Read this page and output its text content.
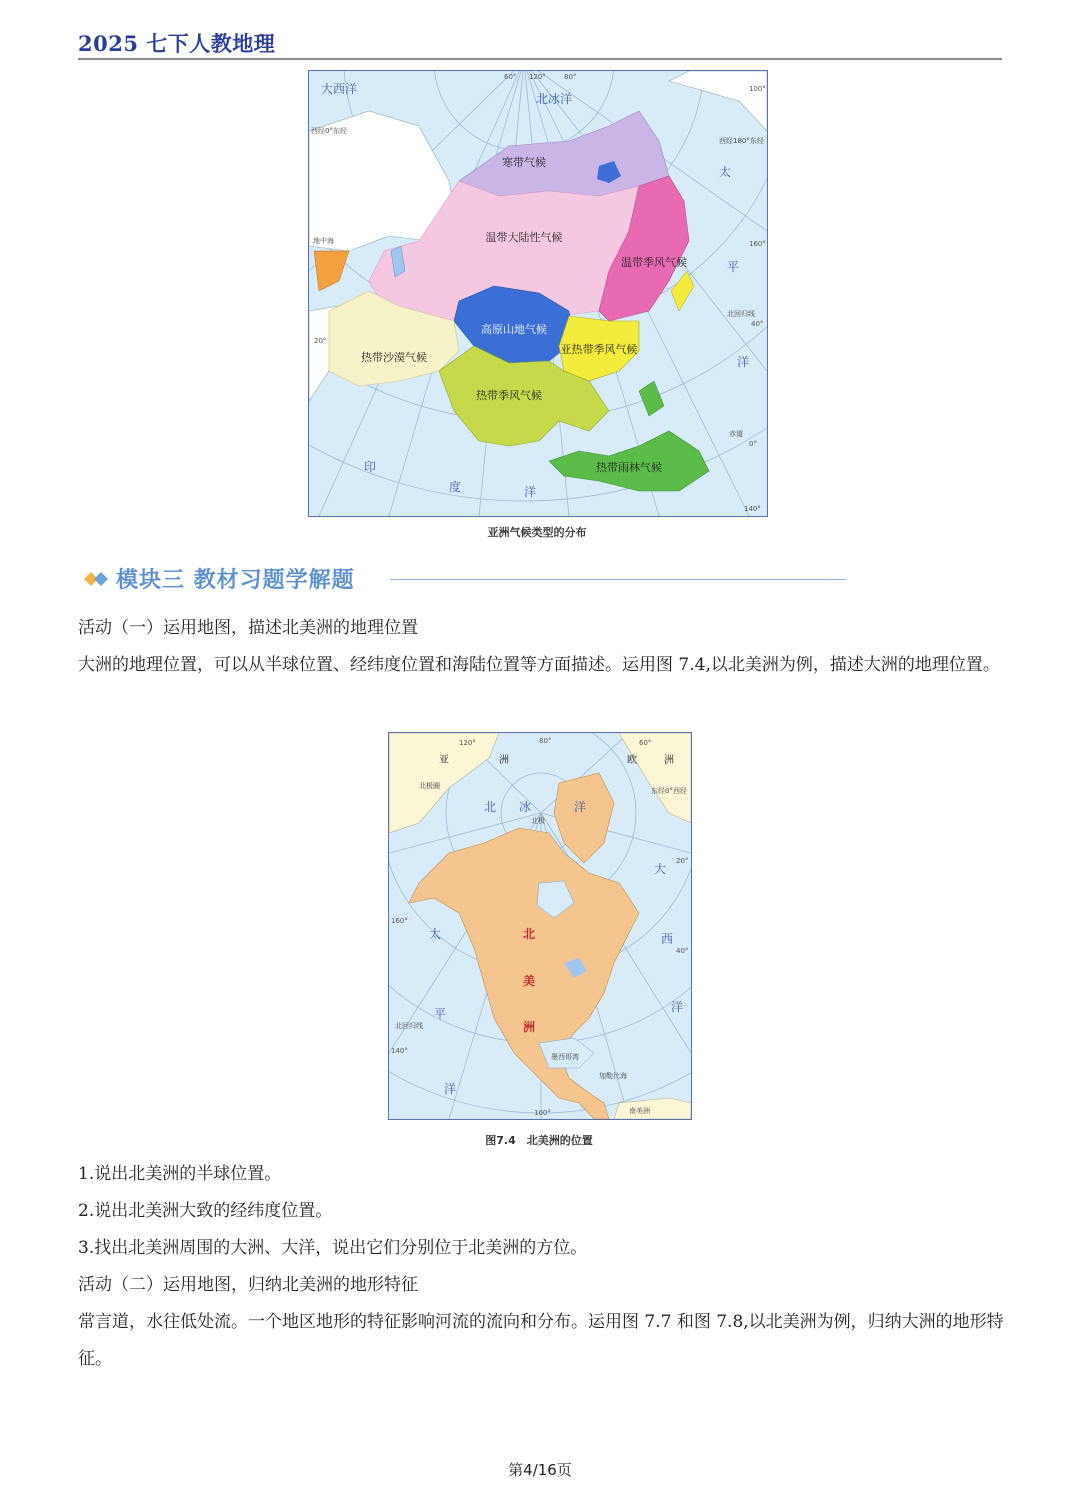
2025 七下人教地理
寒带气候
温带大陆性气候
温带季风气候
高原山地气候
亚热带季风气候
热带沙漠气候
热带季风气候
热带雨林气候
大西洋
北冰洋
太
平
洋
印
度	洋
西经0°东经
西经180°东经
北回归线
赤道
地中海
60° 120°	80°
100°
140°
160°
40°
20°
0°
亚洲气候类型的分布
模块三 教材习题学解题
活动（一）运用地图，描述北美洲的地理位置
大洲的地理位置，可以从半球位置、经纬度位置和海陆位置等方面描述。运用图 7.4,以北美洲为例，描述大洲的地理位置。
北
美
洲
亚	洲	欧	洲
北 冰	洋
太
平
洋
大
西
洋
墨西哥湾
加勒比海
南美洲
北极
北极圈
北回归线
东经0°西经
120°	80°	60°
40°
160°
20°
140°
100°
图7.4　北美洲的位置
1.说出北美洲的半球位置。
2.说出北美洲大致的经纬度位置。
3.找出北美洲周围的大洲、大洋，说出它们分别位于北美洲的方位。
活动（二）运用地图，归纳北美洲的地形特征
常言道，水往低处流。一个地区地形的特征影响河流的流向和分布。运用图 7.7 和图 7.8,以北美洲为例，归纳大洲的地形特征。
第4/16页
